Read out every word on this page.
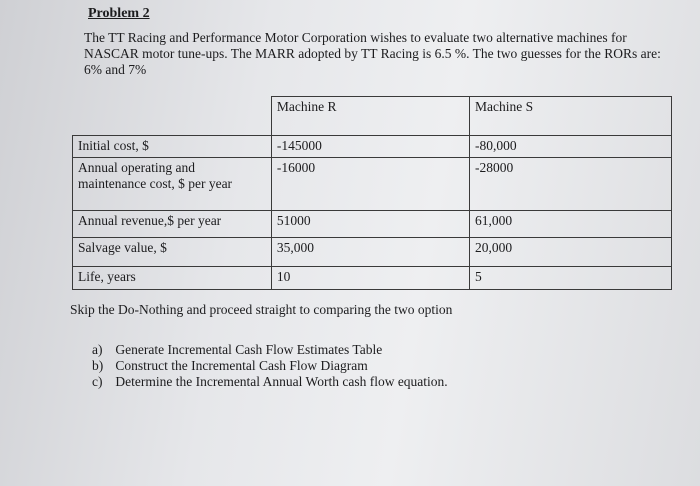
Problem 2
The TT Racing and Performance Motor Corporation wishes to evaluate two alternative machines for NASCAR motor tune-ups. The MARR adopted by TT Racing is 6.5 %. The two guesses for the RORs are: 6% and 7%
	Machine R	Machine S
Initial cost, $	-145000	-80,000
Annual operating and maintenance cost, $ per year	-16000	-28000
Annual revenue,$ per year	51000	61,000
Salvage value, $	35,000	20,000
Life, years	10	5
Skip the Do-Nothing and proceed straight to comparing the two option
a) Generate Incremental Cash Flow Estimates Table
b) Construct the Incremental Cash Flow Diagram
c) Determine the Incremental Annual Worth cash flow equation.
